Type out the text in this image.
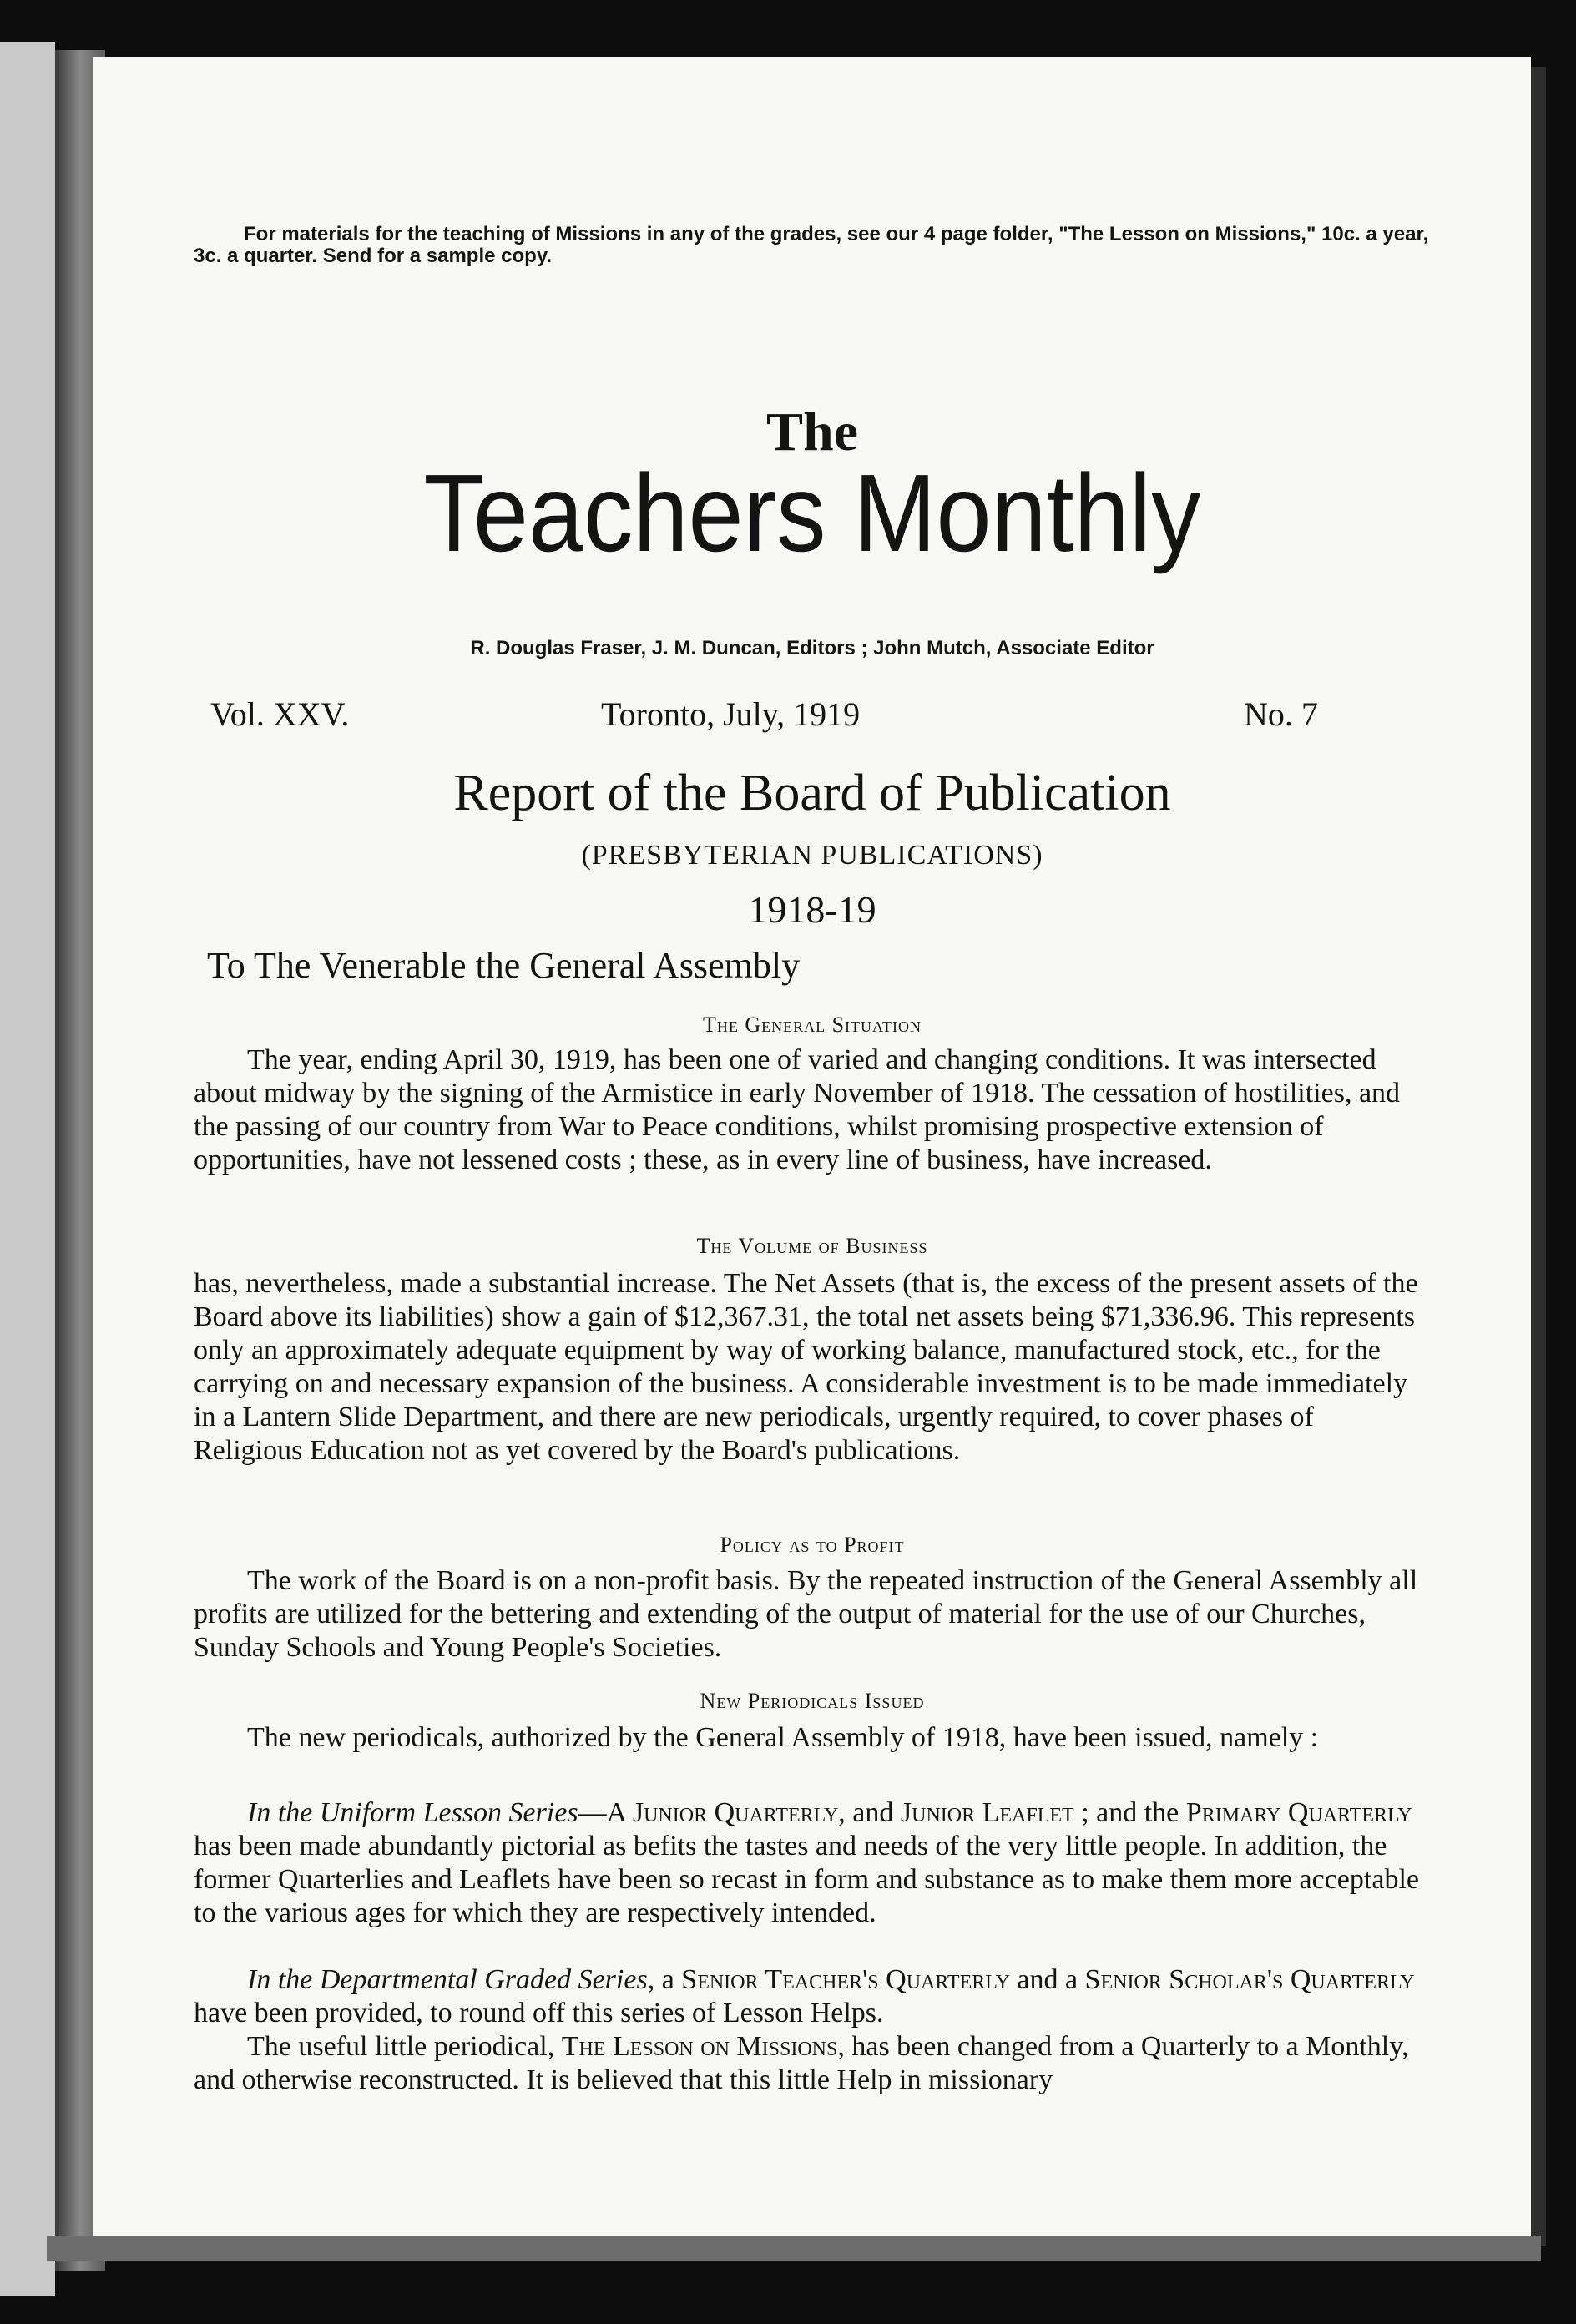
For materials for the teaching of Missions in any of the grades, see our 4 page folder, "The Lesson on Missions," 10c. a year, 3c. a quarter. Send for a sample copy.

The
Teachers Monthly
R. Douglas Fraser, J. M. Duncan, Editors ; John Mutch, Associate Editor
Vol. XXV.	Toronto, July, 1919	No. 7
Report of the Board of Publication
(PRESBYTERIAN PUBLICATIONS)
1918-19
To The Venerable the General Assembly
The General Situation

The year, ending April 30, 1919, has been one of varied and changing conditions. It was intersected about midway by the signing of the Armistice in early November of 1918. The cessation of hostilities, and the passing of our country from War to Peace conditions, whilst promising prospective extension of opportunities, have not lessened costs ; these, as in every line of business, have increased.

The Volume of Business

has, nevertheless, made a substantial increase. The Net Assets (that is, the excess of the present assets of the Board above its liabilities) show a gain of $12,367.31, the total net assets being $71,336.96. This represents only an approximately adequate equipment by way of working balance, manufactured stock, etc., for the carrying on and necessary expansion of the business. A considerable investment is to be made immediately in a Lantern Slide Department, and there are new periodicals, urgently required, to cover phases of Religious Education not as yet covered by the Board's publications.

Policy as to Profit

The work of the Board is on a non-profit basis. By the repeated instruction of the General Assembly all profits are utilized for the bettering and extending of the output of material for the use of our Churches, Sunday Schools and Young People's Societies.

New Periodicals Issued

The new periodicals, authorized by the General Assembly of 1918, have been issued, namely :

In the Uniform Lesson Series—A Junior Quarterly, and Junior Leaflet ; and the Primary Quarterly has been made abundantly pictorial as befits the tastes and needs of the very little people. In addition, the former Quarterlies and Leaflets have been so recast in form and substance as to make them more acceptable to the various ages for which they are respectively intended.

In the Departmental Graded Series, a Senior Teacher's Quarterly and a Senior Scholar's Quarterly have been provided, to round off this series of Lesson Helps.

The useful little periodical, The Lesson on Missions, has been changed from a Quarterly to a Monthly, and otherwise reconstructed. It is believed that this little Help in missionary
